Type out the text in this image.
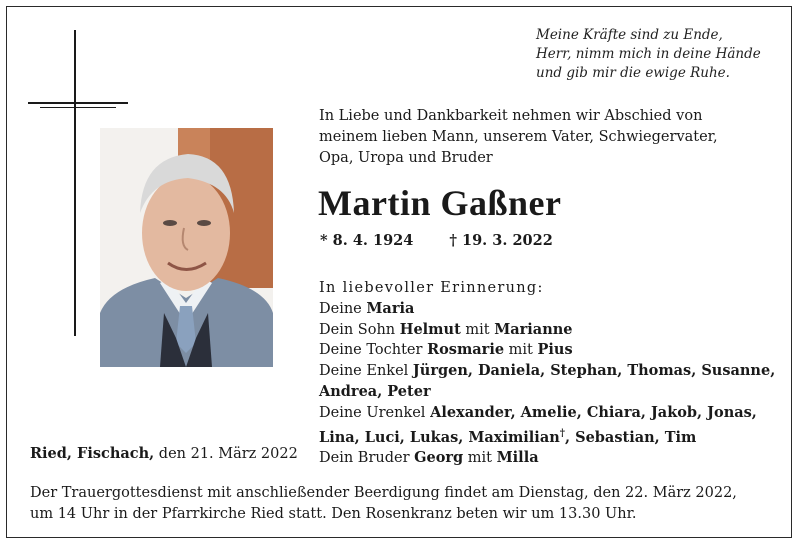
Meine Kräfte sind zu Ende,
Herr, nimm mich in deine Hände
und gib mir die ewige Ruhe.
In Liebe und Dankbarkeit nehmen wir Abschied von
meinem lieben Mann, unserem Vater, Schwiegervater,
Opa, Uropa und Bruder
Martin Gaßner
* 8. 4. 1924 † 19. 3. 2022
In liebevoller Erinnerung:
Deine Maria
Dein Sohn Helmut mit Marianne
Deine Tochter Rosmarie mit Pius
Deine Enkel Jürgen, Daniela, Stephan, Thomas, Susanne,
Andrea, Peter
Deine Urenkel Alexander, Amelie, Chiara, Jakob, Jonas,
Lina, Luci, Lukas, Maximilian†, Sebastian, Tim
Dein Bruder Georg mit Milla
Ried, Fischach, den 21. März 2022
Der Trauergottesdienst mit anschließender Beerdigung findet am Dienstag, den 22. März 2022,
um 14 Uhr in der Pfarrkirche Ried statt. Den Rosenkranz beten wir um 13.30 Uhr.
